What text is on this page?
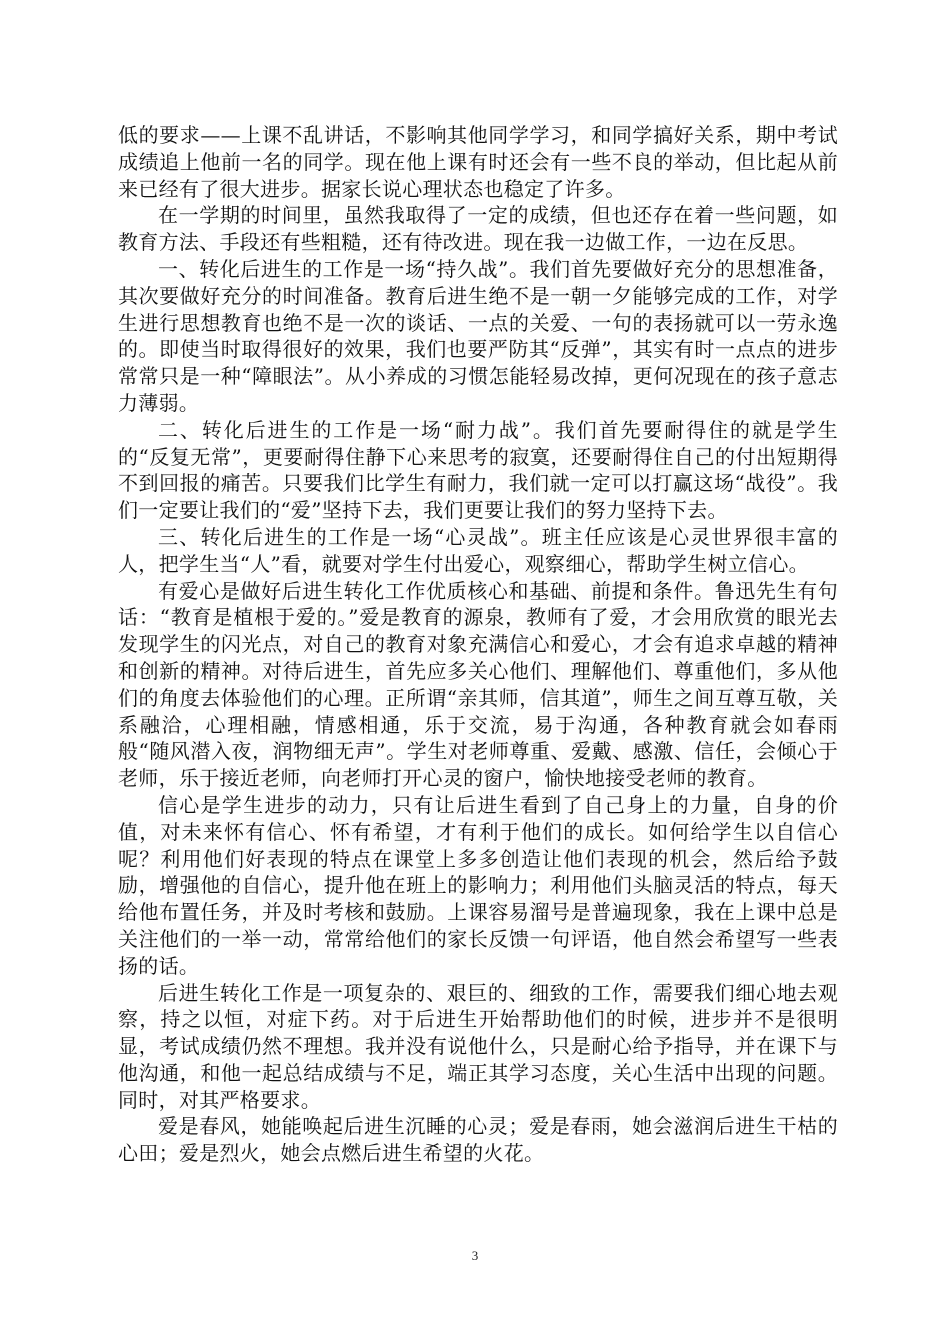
低的要求——上课不乱讲话，不影响其他同学学习，和同学搞好关系，期中考试成绩追上他前一名的同学。现在他上课有时还会有一些不良的举动，但比起从前来已经有了很大进步。据家长说心理状态也稳定了许多。

在一学期的时间里，虽然我取得了一定的成绩，但也还存在着一些问题，如教育方法、手段还有些粗糙，还有待改进。现在我一边做工作，一边在反思。

一、转化后进生的工作是一场“持久战”。我们首先要做好充分的思想准备，其次要做好充分的时间准备。教育后进生绝不是一朝一夕能够完成的工作，对学生进行思想教育也绝不是一次的谈话、一点的关爱、一句的表扬就可以一劳永逸的。即使当时取得很好的效果，我们也要严防其“反弹”，其实有时一点点的进步常常只是一种“障眼法”。从小养成的习惯怎能轻易改掉，更何况现在的孩子意志力薄弱。

二、转化后进生的工作是一场“耐力战”。我们首先要耐得住的就是学生的“反复无常”，更要耐得住静下心来思考的寂寞，还要耐得住自己的付出短期得不到回报的痛苦。只要我们比学生有耐力，我们就一定可以打赢这场“战役”。我们一定要让我们的“爱”坚持下去，我们更要让我们的努力坚持下去。

三、转化后进生的工作是一场“心灵战”。班主任应该是心灵世界很丰富的人，把学生当“人”看，就要对学生付出爱心，观察细心，帮助学生树立信心。

有爱心是做好后进生转化工作优质核心和基础、前提和条件。鲁迅先生有句话：“教育是植根于爱的。”爱是教育的源泉，教师有了爱，才会用欣赏的眼光去发现学生的闪光点，对自己的教育对象充满信心和爱心，才会有追求卓越的精神和创新的精神。对待后进生，首先应多关心他们、理解他们、尊重他们，多从他们的角度去体验他们的心理。正所谓“亲其师，信其道”，师生之间互尊互敬，关系融洽，心理相融，情感相通，乐于交流，易于沟通，各种教育就会如春雨般“随风潜入夜，润物细无声”。学生对老师尊重、爱戴、感激、信任，会倾心于老师，乐于接近老师，向老师打开心灵的窗户，愉快地接受老师的教育。

信心是学生进步的动力，只有让后进生看到了自己身上的力量，自身的价值，对未来怀有信心、怀有希望，才有利于他们的成长。如何给学生以自信心呢？利用他们好表现的特点在课堂上多多创造让他们表现的机会，然后给予鼓励，增强他的自信心，提升他在班上的影响力；利用他们头脑灵活的特点，每天给他布置任务，并及时考核和鼓励。上课容易溜号是普遍现象，我在上课中总是关注他们的一举一动，常常给他们的家长反馈一句评语，他自然会希望写一些表扬的话。

后进生转化工作是一项复杂的、艰巨的、细致的工作，需要我们细心地去观察，持之以恒，对症下药。对于后进生开始帮助他们的时候，进步并不是很明显，考试成绩仍然不理想。我并没有说他什么，只是耐心给予指导，并在课下与他沟通，和他一起总结成绩与不足，端正其学习态度，关心生活中出现的问题。同时，对其严格要求。

爱是春风，她能唤起后进生沉睡的心灵；爱是春雨，她会滋润后进生干枯的心田；爱是烈火，她会点燃后进生希望的火花。

3
